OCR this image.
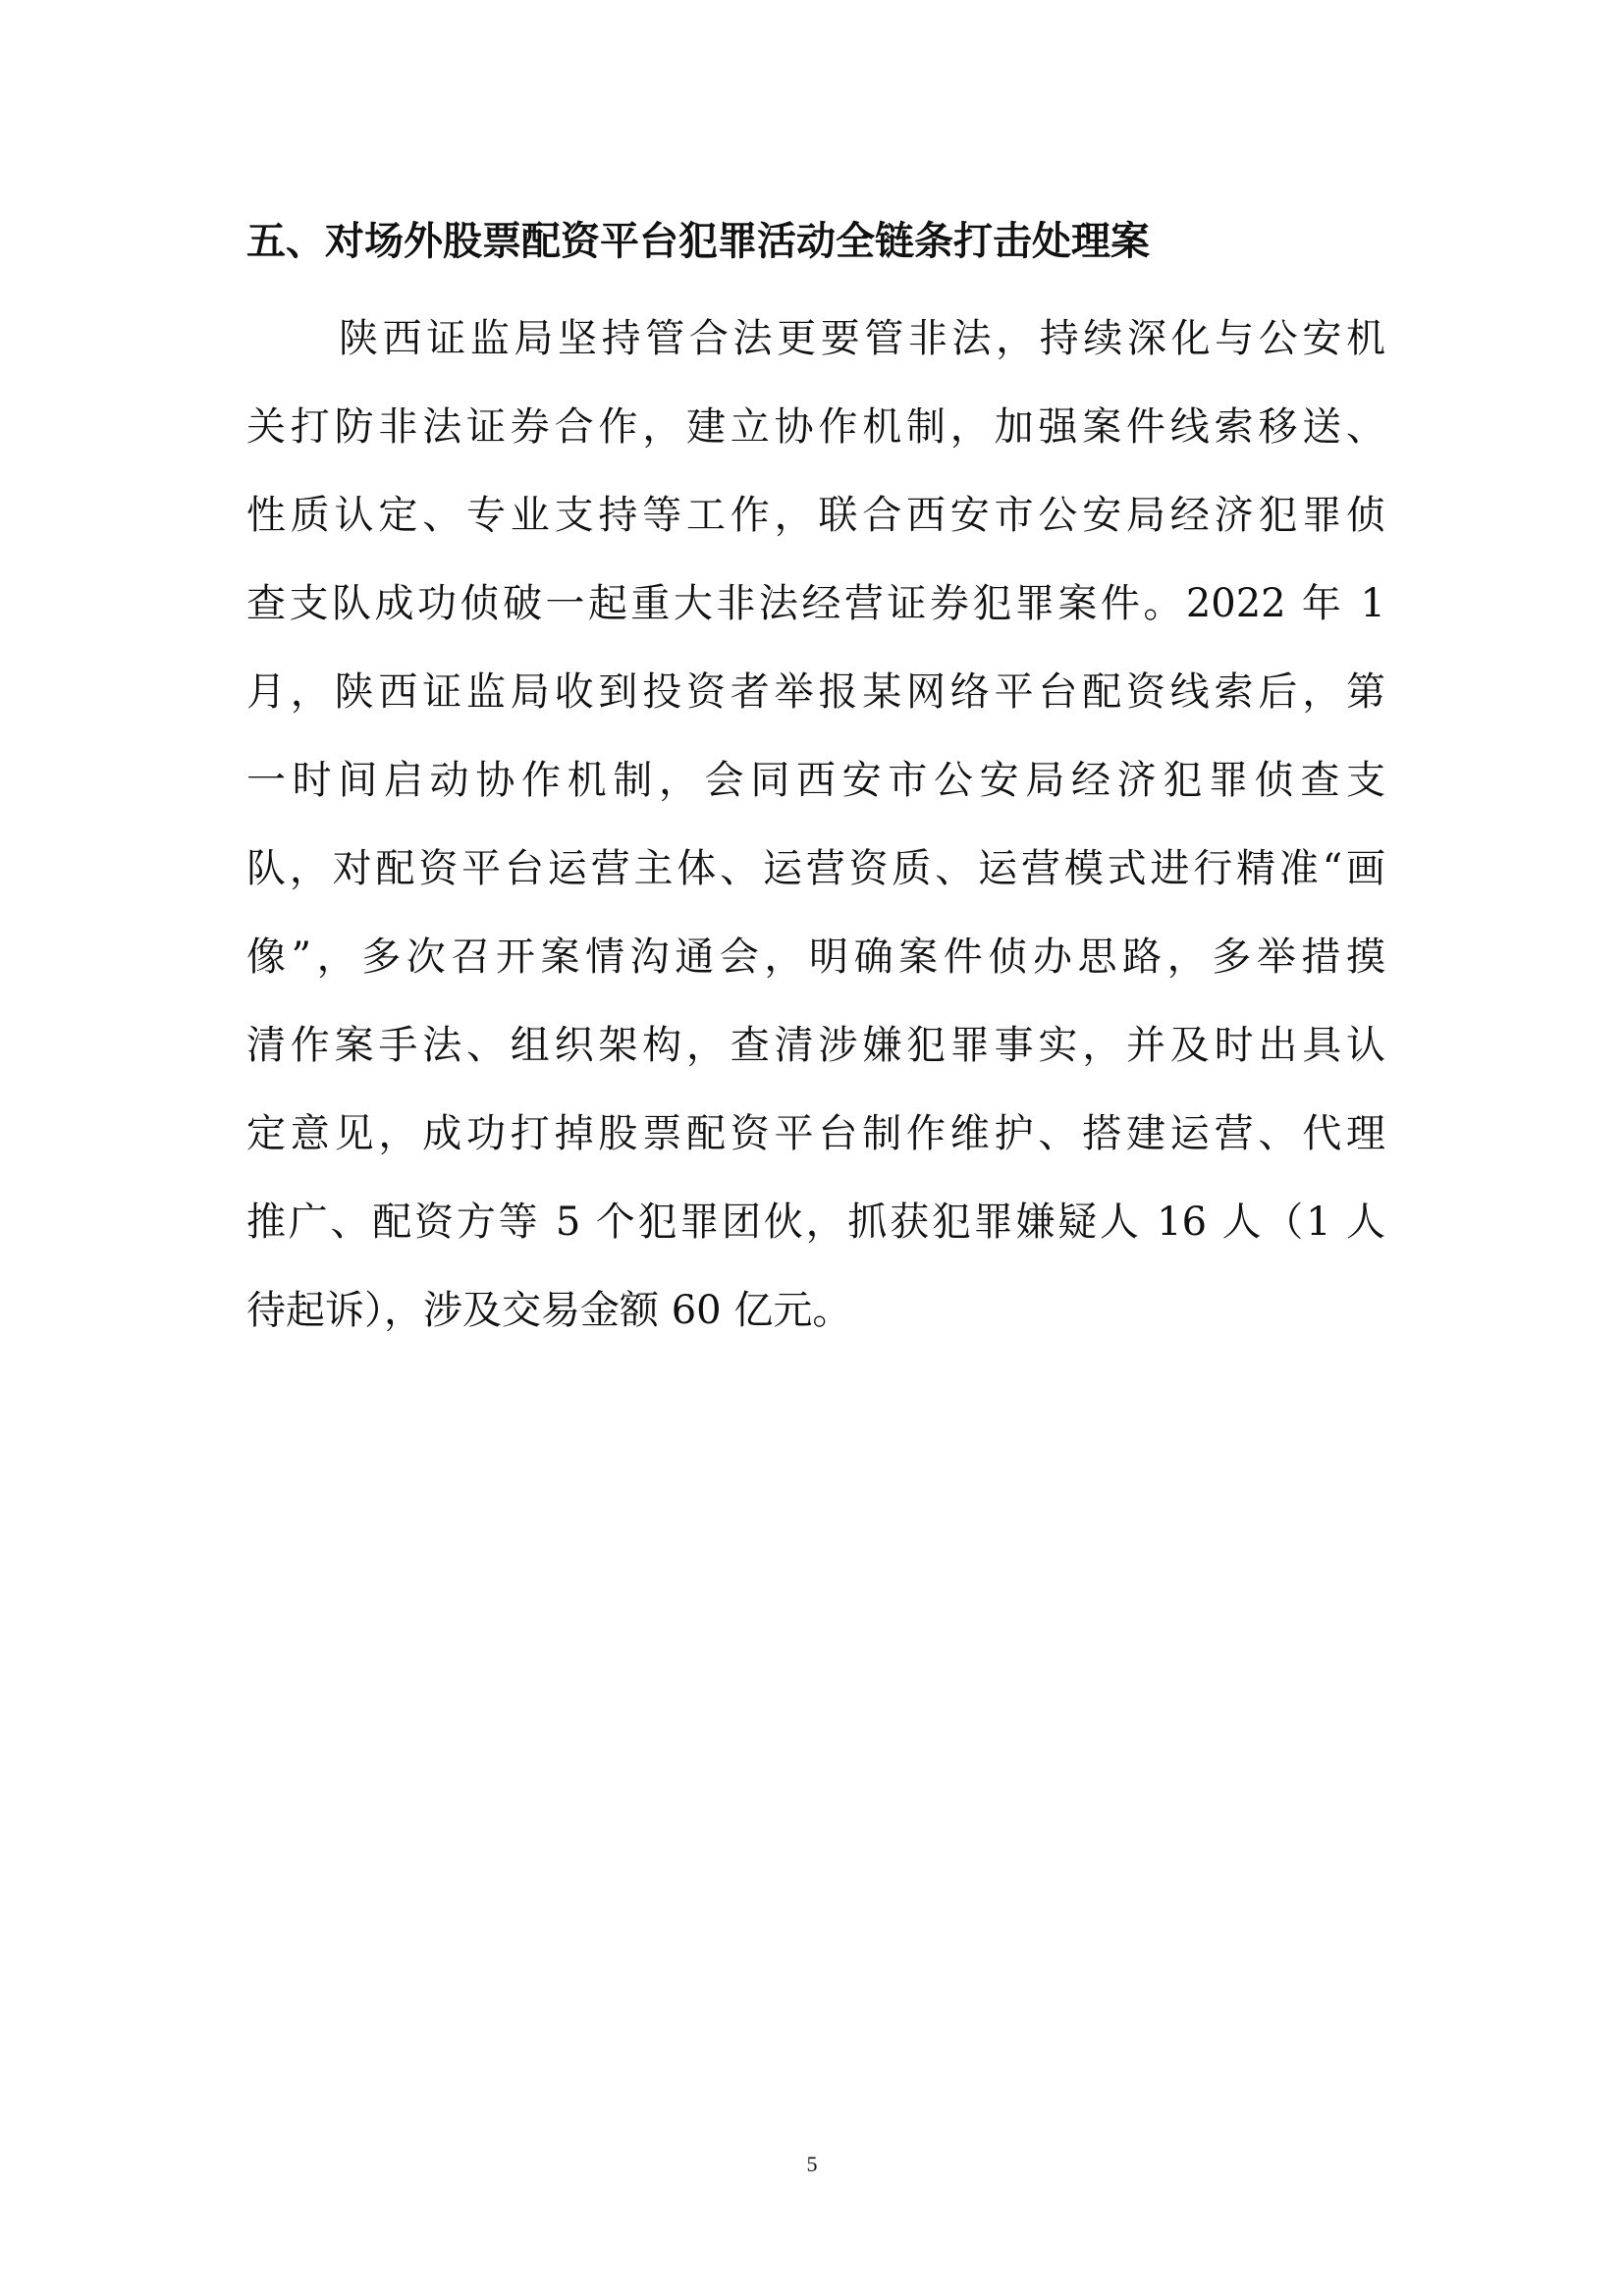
五、对场外股票配资平台犯罪活动全链条打击处理案
陕西证监局坚持管合法更要管非法，持续深化与公安机
关打防非法证券合作，建立协作机制，加强案件线索移送、
性质认定、专业支持等工作，联合西安市公安局经济犯罪侦
查支队成功侦破一起重大非法经营证券犯罪案件。2022 年 1
月，陕西证监局收到投资者举报某网络平台配资线索后，第
一时间启动协作机制，会同西安市公安局经济犯罪侦查支
队，对配资平台运营主体、运营资质、运营模式进行精准“画
像”，多次召开案情沟通会，明确案件侦办思路，多举措摸
清作案手法、组织架构，查清涉嫌犯罪事实，并及时出具认
定意见，成功打掉股票配资平台制作维护、搭建运营、代理
推广、配资方等 5 个犯罪团伙，抓获犯罪嫌疑人 16 人（1 人
待起诉），涉及交易金额 60 亿元。
5
